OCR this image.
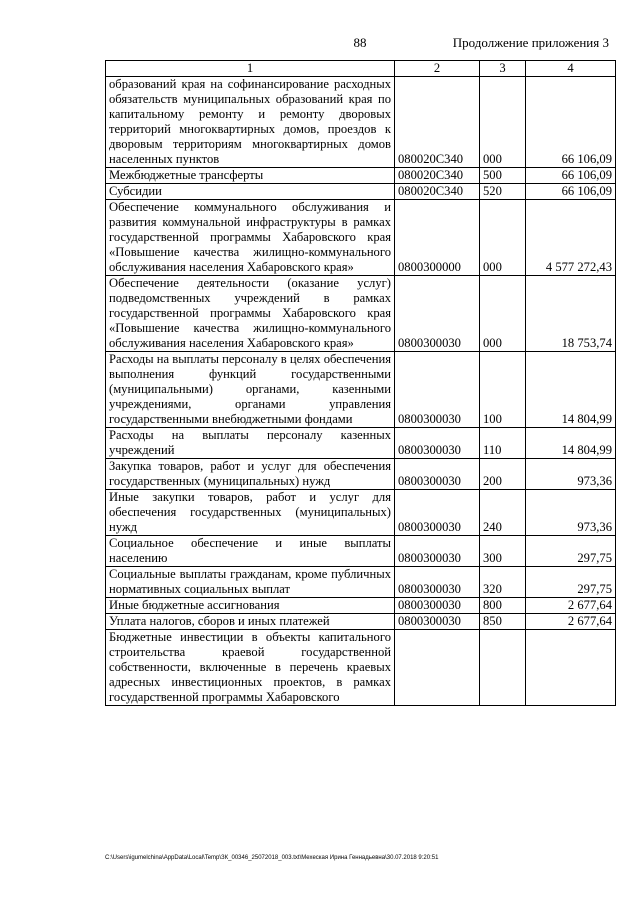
88	Продолжение приложения 3
1	2	3	4
образований края на софинансирование расходных обязательств муниципальных образований края по капитальному ремонту и ремонту дворовых территорий многоквартирных домов, проездов к дворовым территориям многоквартирных домов населенных пунктов	080020С340	000	66 106,09
Межбюджетные трансферты	080020С340	500	66 106,09
Субсидии	080020С340	520	66 106,09
Обеспечение коммунального обслуживания и развития коммунальной инфраструктуры в рамках государственной программы Хабаровского края «Повышение качества жилищно-коммунального обслуживания населения Хабаровского края»	0800300000	000	4 577 272,43
Обеспечение деятельности (оказание услуг) подведомственных учреждений в рамках государственной программы Хабаровского края «Повышение качества жилищно-коммунального обслуживания населения Хабаровского края»	0800300030	000	18 753,74
Расходы на выплаты персоналу в целях обеспечения выполнения функций государственными (муниципальными) органами, казенными учреждениями, органами управления государственными внебюджетными фондами	0800300030	100	14 804,99
Расходы на выплаты персоналу казенных учреждений	0800300030	110	14 804,99
Закупка товаров, работ и услуг для обеспечения государственных (муниципальных) нужд	0800300030	200	973,36
Иные закупки товаров, работ и услуг для обеспечения государственных (муниципальных) нужд	0800300030	240	973,36
Социальное обеспечение и иные выплаты населению	0800300030	300	297,75
Социальные выплаты гражданам, кроме публичных нормативных социальных выплат	0800300030	320	297,75
Иные бюджетные ассигнования	0800300030	800	2 677,64
Уплата налогов, сборов и иных платежей	0800300030	850	2 677,64
Бюджетные инвестиции в объекты капитального строительства краевой государственной собственности, включенные в перечень краевых адресных инвестиционных проектов, в рамках государственной программы Хабаровского			
C:\Users\igumelchina\AppData\Local\Temp\ЗК_00346_25072018_003.txt\Мехеская Ирина Геннадьевна\30.07.2018 9:20:51
